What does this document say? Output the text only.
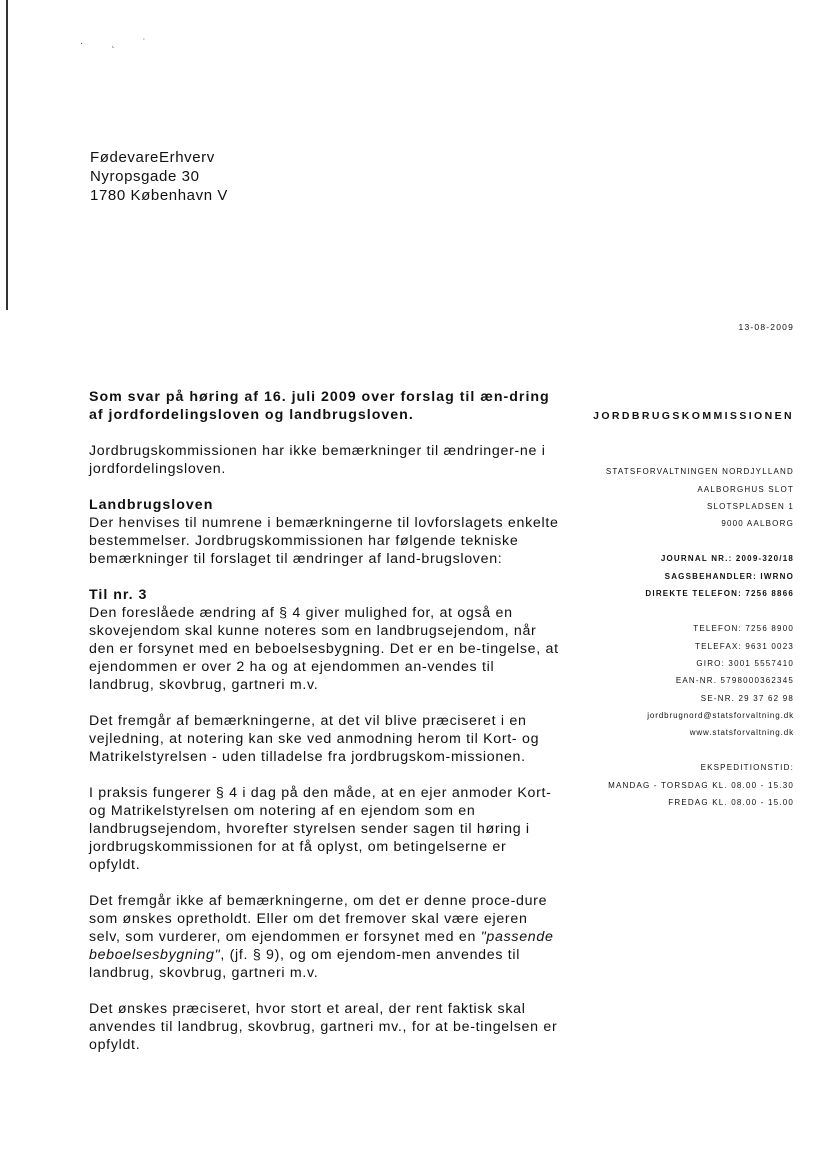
·ˎ˙
FødevareErhverv
Nyropsgade 30
1780 København V
13-08-2009

Som svar på høring af 16. juli 2009 over forslag til æn-dring af jordfordelingsloven og landbrugsloven.

Jordbrugskommissionen har ikke bemærkninger til ændringer-ne i jordfordelingsloven.

Landbrugsloven

Der henvises til numrene i bemærkningerne til lovforslagets enkelte bestemmelser. Jordbrugskommissionen har følgende tekniske bemærkninger til forslaget til ændringer af land-brugsloven:

Til nr. 3

Den foreslåede ændring af § 4 giver mulighed for, at også en skovejendom skal kunne noteres som en landbrugsejendom, når den er forsynet med en beboelsesbygning. Det er en be-tingelse, at ejendommen er over 2 ha og at ejendommen an-vendes til landbrug, skovbrug, gartneri m.v.

Det fremgår af bemærkningerne, at det vil blive præciseret i en vejledning, at notering kan ske ved anmodning herom til Kort- og Matrikelstyrelsen - uden tilladelse fra jordbrugskom-missionen.

I praksis fungerer § 4 i dag på den måde, at en ejer anmoder Kort- og Matrikelstyrelsen om notering af en ejendom som en landbrugsejendom, hvorefter styrelsen sender sagen til høring i jordbrugskommissionen for at få oplyst, om betingelserne er opfyldt.

Det fremgår ikke af bemærkningerne, om det er denne proce-dure som ønskes opretholdt. Eller om det fremover skal være ejeren selv, som vurderer, om ejendommen er forsynet med en "passende beboelsesbygning", (jf. § 9), og om ejendom-men anvendes til landbrug, skovbrug, gartneri m.v.

Det ønskes præciseret, hvor stort et areal, der rent faktisk skal anvendes til landbrug, skovbrug, gartneri mv., for at be-tingelsen er opfyldt.

JORDBRUGSKOMMISSIONEN
STATSFORVALTNINGEN NORDJYLLAND
AALBORGHUS SLOT
SLOTSPLADSEN 1
9000 AALBORG
JOURNAL NR.: 2009-320/18
SAGSBEHANDLER: IWRNO
DIREKTE TELEFON: 7256 8866
TELEFON: 7256 8900
TELEFAX: 9631 0023
GIRO: 3001 5557410
EAN-NR. 5798000362345
SE-NR. 29 37 62 98
jordbrugnord@statsforvaltning.dk
www.statsforvaltning.dk
EKSPEDITIONSTID:
MANDAG - TORSDAG KL. 08.00 - 15.30
FREDAG KL. 08.00 - 15.00
